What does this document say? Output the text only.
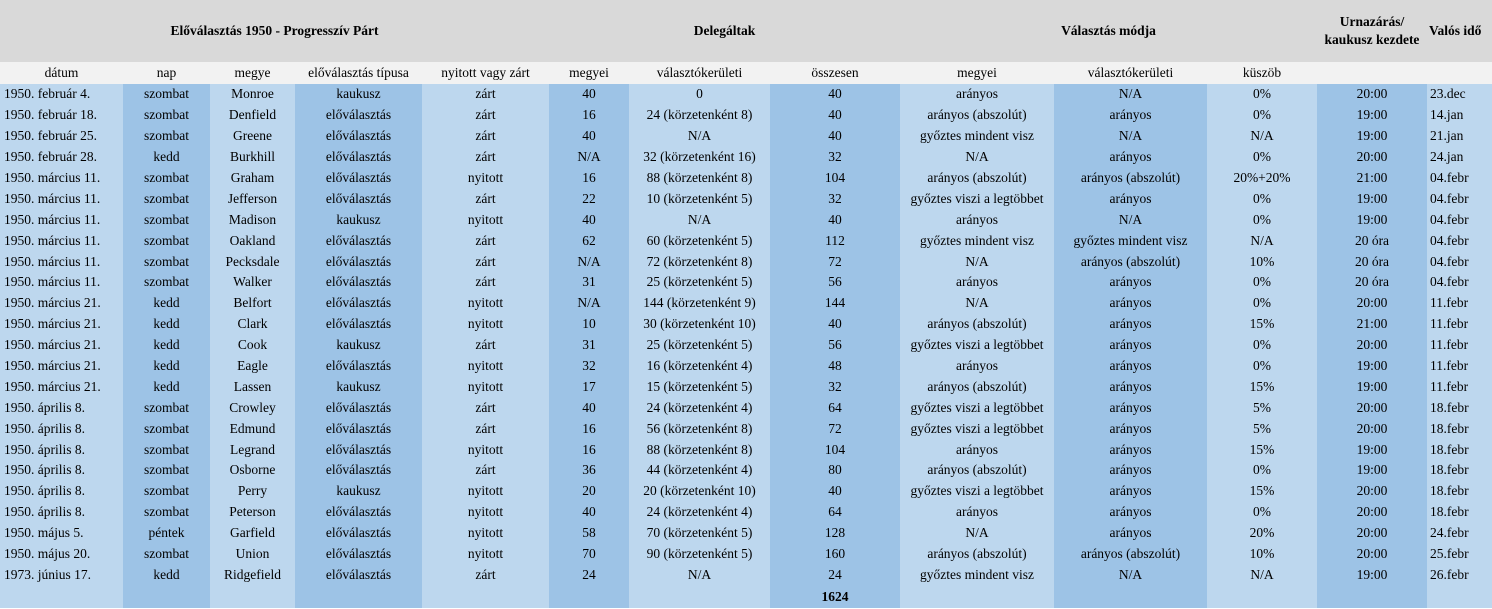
Előválasztás 1950 - Progresszív Párt					Delegáltak			Választás módja			Urnazárás/ kaukusz kezdete	Valós idő
dátum	nap	megye	előválasztás típusa	nyitott vagy zárt	megyei	választókerületi	összesen	megyei	választókerületi	küszöb		
1950. február 4.	szombat	Monroe	kaukusz	zárt	40	0	40	arányos	N/A	0%	20:00	23.dec
1950. február 18.	szombat	Denfield	előválasztás	zárt	16	24 (körzetenként 8)	40	arányos (abszolút)	arányos	0%	19:00	14.jan
1950. február 25.	szombat	Greene	előválasztás	zárt	40	N/A	40	győztes mindent visz	N/A	N/A	19:00	21.jan
1950. február 28.	kedd	Burkhill	előválasztás	zárt	N/A	32 (körzetenként 16)	32	N/A	arányos	0%	20:00	24.jan
1950. március 11.	szombat	Graham	előválasztás	nyitott	16	88 (körzetenként 8)	104	arányos (abszolút)	arányos (abszolút)	20%+20%	21:00	04.febr
1950. március 11.	szombat	Jefferson	előválasztás	zárt	22	10 (körzetenként 5)	32	győztes viszi a legtöbbet	arányos	0%	19:00	04.febr
1950. március 11.	szombat	Madison	kaukusz	nyitott	40	N/A	40	arányos	N/A	0%	19:00	04.febr
1950. március 11.	szombat	Oakland	előválasztás	zárt	62	60 (körzetenként 5)	112	győztes mindent visz	győztes mindent visz	N/A	20 óra	04.febr
1950. március 11.	szombat	Pecksdale	előválasztás	zárt	N/A	72 (körzetenként 8)	72	N/A	arányos (abszolút)	10%	20 óra	04.febr
1950. március 11.	szombat	Walker	előválasztás	zárt	31	25 (körzetenként 5)	56	arányos	arányos	0%	20 óra	04.febr
1950. március 21.	kedd	Belfort	előválasztás	nyitott	N/A	144 (körzetenként 9)	144	N/A	arányos	0%	20:00	11.febr
1950. március 21.	kedd	Clark	előválasztás	nyitott	10	30 (körzetenként 10)	40	arányos (abszolút)	arányos	15%	21:00	11.febr
1950. március 21.	kedd	Cook	kaukusz	zárt	31	25 (körzetenként 5)	56	győztes viszi a legtöbbet	arányos	0%	20:00	11.febr
1950. március 21.	kedd	Eagle	előválasztás	nyitott	32	16 (körzetenként 4)	48	arányos	arányos	0%	19:00	11.febr
1950. március 21.	kedd	Lassen	kaukusz	nyitott	17	15 (körzetenként 5)	32	arányos (abszolút)	arányos	15%	19:00	11.febr
1950. április 8.	szombat	Crowley	előválasztás	zárt	40	24 (körzetenként 4)	64	győztes viszi a legtöbbet	arányos	5%	20:00	18.febr
1950. április 8.	szombat	Edmund	előválasztás	zárt	16	56 (körzetenként 8)	72	győztes viszi a legtöbbet	arányos	5%	20:00	18.febr
1950. április 8.	szombat	Legrand	előválasztás	nyitott	16	88 (körzetenként 8)	104	arányos	arányos	15%	19:00	18.febr
1950. április 8.	szombat	Osborne	előválasztás	zárt	36	44 (körzetenként 4)	80	arányos (abszolút)	arányos	0%	19:00	18.febr
1950. április 8.	szombat	Perry	kaukusz	nyitott	20	20 (körzetenként 10)	40	győztes viszi a legtöbbet	arányos	15%	20:00	18.febr
1950. április 8.	szombat	Peterson	előválasztás	nyitott	40	24 (körzetenként 4)	64	arányos	arányos	0%	20:00	18.febr
1950. május 5.	péntek	Garfield	előválasztás	nyitott	58	70 (körzetenként 5)	128	N/A	arányos	20%	20:00	24.febr
1950. május 20.	szombat	Union	előválasztás	nyitott	70	90 (körzetenként 5)	160	arányos (abszolút)	arányos (abszolút)	10%	20:00	25.febr
1973. június 17.	kedd	Ridgefield	előválasztás	zárt	24	N/A	24	győztes mindent visz	N/A	N/A	19:00	26.febr
							1624					
